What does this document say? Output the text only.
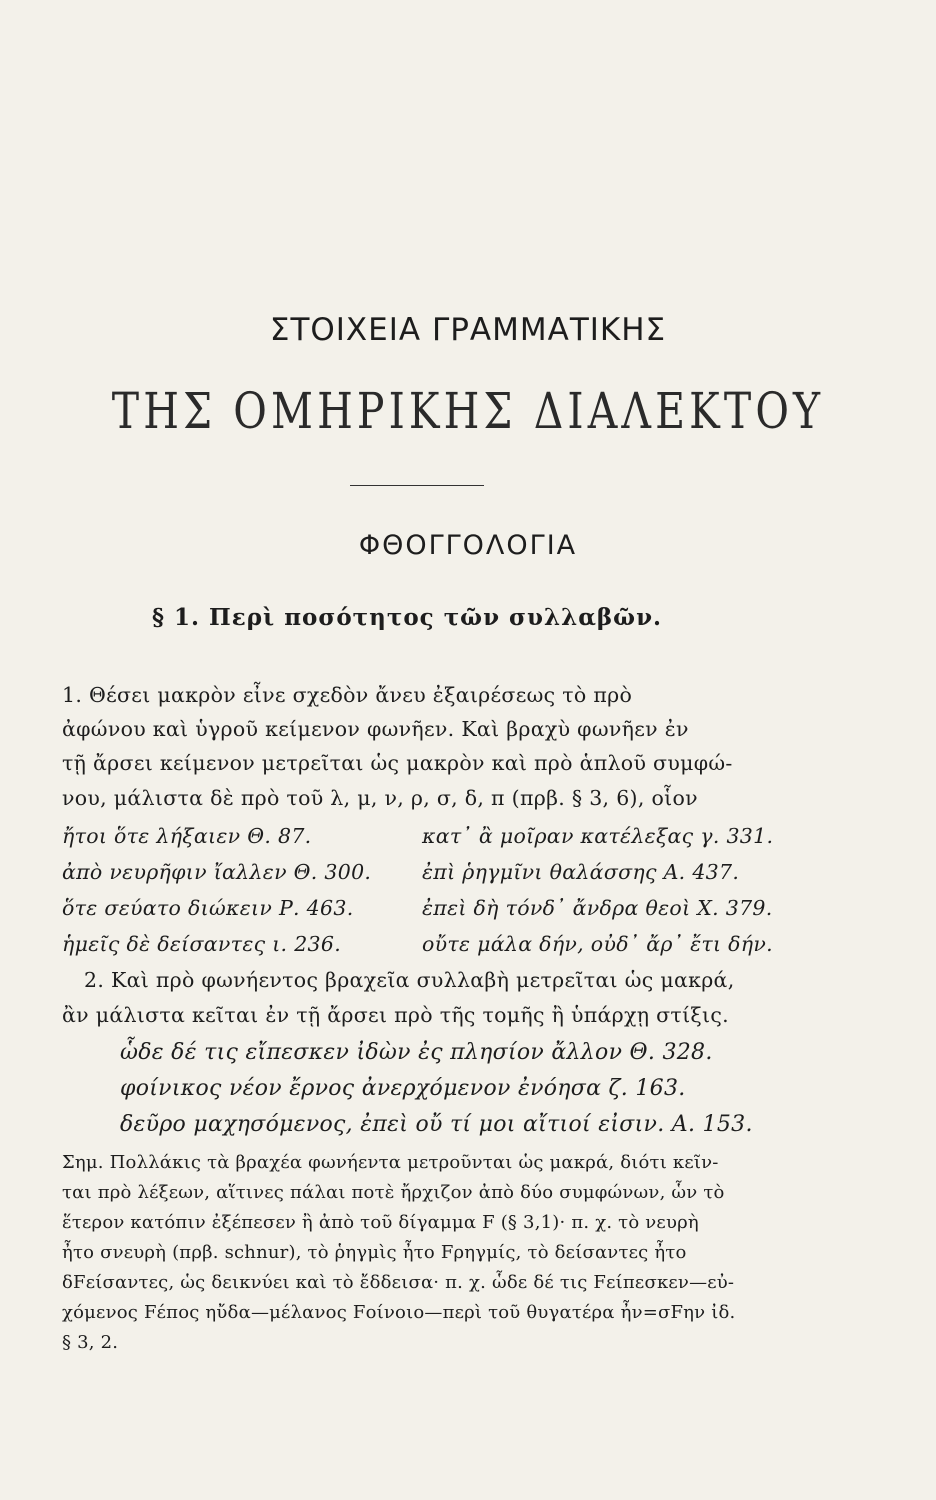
ΣΤΟΙΧΕΙΑ ΓΡΑΜΜΑΤΙΚΗΣ
ΤΗΣ ΟΜΗΡΙΚΗΣ ΔΙΑΛΕΚΤΟΥ
ΦΘΟΓΓΟΛΟΓΙΑ
§ 1. Περὶ ποσότητος τῶν συλλαβῶν.
1. Θέσει μακρὸν εἶνε σχεδὸν ἄνευ ἐξαιρέσεως τὸ πρὸ
ἀφώνου καὶ ὑγροῦ κείμενον φωνῆεν. Καὶ βραχὺ φωνῆεν ἐν
τῇ ἄρσει κείμενον μετρεῖται ὡς μακρὸν καὶ πρὸ ἁπλοῦ συμφώ-
νου, μάλιστα δὲ πρὸ τοῦ λ, μ, ν, ρ, σ, δ, π (πρβ. § 3, 6), οἷον
ἤτοι ὅτε λήξαιεν Θ. 87.	κατ᾽ ἂ μοῖραν κατέλεξας γ. 331.
ἀπὸ νευρῆφιν ἴαλλεν Θ. 300. ἐπὶ ῥηγμῖνι θαλάσσης Α. 437.
ὅτε σεύατο διώκειν Ρ. 463.	ἐπεὶ δὴ τόνδ᾽ ἄνδρα θεοὶ Χ. 379.
ἡμεῖς δὲ δείσαντες ι. 236.	οὔτε μάλα δήν, οὐδ᾽ ἄρ᾽ ἔτι δήν.
2. Καὶ πρὸ φωνήεντος βραχεῖα συλλαβὴ μετρεῖται ὡς μακρά,
ἂν μάλιστα κεῖται ἐν τῇ ἄρσει πρὸ τῆς τομῆς ἢ ὑπάρχῃ στίξις.
ὧδε δέ τις εἴπεσκεν ἰδὼν ἐς πλησίον ἄλλον Θ. 328.
φοίνικος νέον ἔρνος ἀνερχόμενον ἐνόησα ζ. 163.
δεῦρο μαχησόμενος, ἐπεὶ οὔ τί μοι αἴτιοί εἰσιν. Α. 153.
Σημ. Πολλάκις τὰ βραχέα φωνήεντα μετροῦνται ὡς μακρά, διότι κεῖν-
ται πρὸ λέξεων, αἵτινες πάλαι ποτὲ ἤρχιζον ἀπὸ δύο συμφώνων, ὧν τὸ
ἕτερον κατόπιν ἐξέπεσεν ἢ ἀπὸ τοῦ δίγαμμα F (§ 3,1)· π. χ. τὸ νευρὴ
ἦτο σνευρὴ (πρβ. schnur), τὸ ῥηγμὶς ἦτο Fρηγμίς, τὸ δείσαντες ἦτο
δFείσαντες, ὡς δεικνύει καὶ τὸ ἔδδεισα· π. χ. ὧδε δέ τις Fείπεσκεν—εὐ-
χόμενος Fέπος ηὔδα—μέλανος Fοίνοιο—περὶ τοῦ θυγατέρα ἦν=σFην ἰδ.
§ 3, 2.
